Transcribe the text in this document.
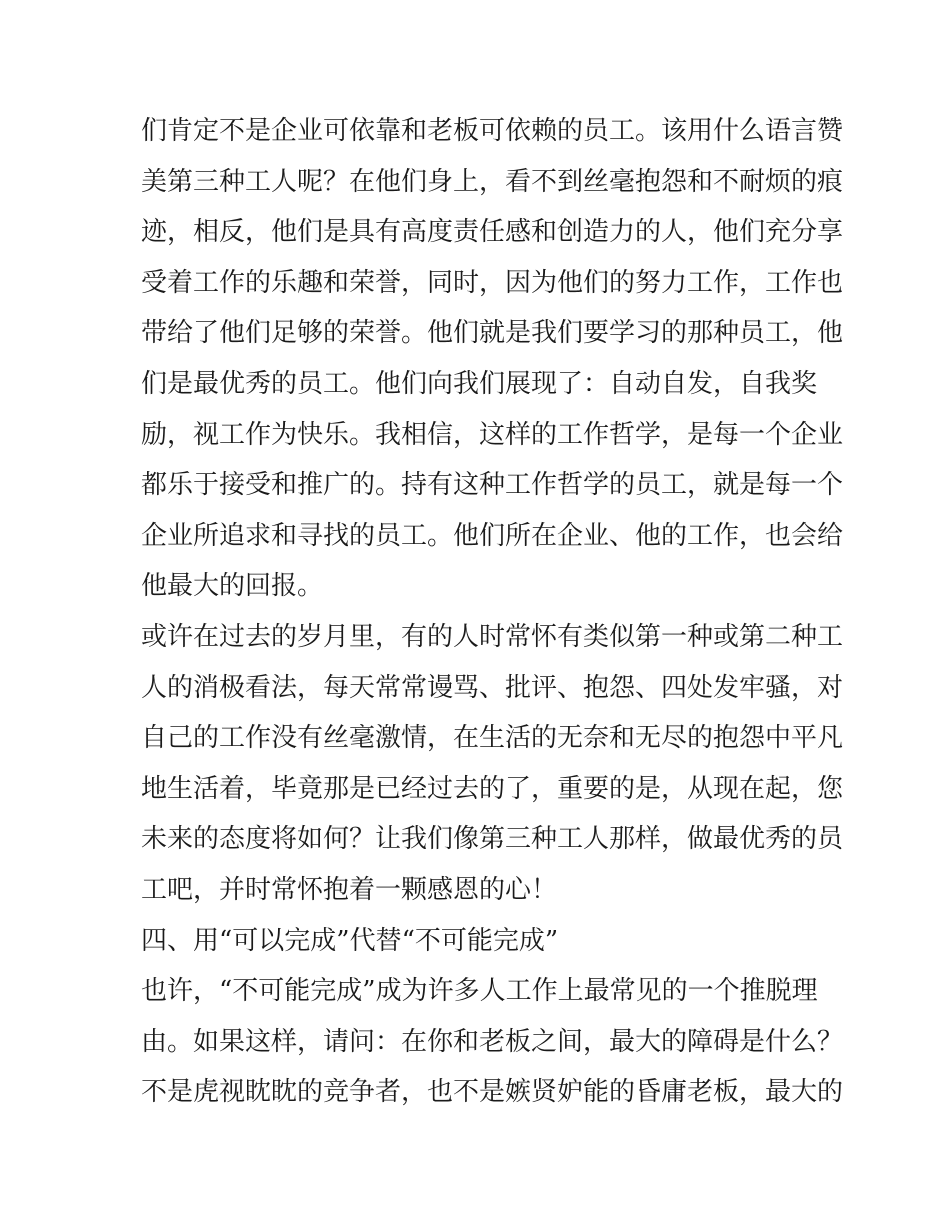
们肯定不是企业可依靠和老板可依赖的员工。该用什么语言赞
美第三种工人呢？在他们身上，看不到丝毫抱怨和不耐烦的痕
迹，相反，他们是具有高度责任感和创造力的人，他们充分享
受着工作的乐趣和荣誉，同时，因为他们的努力工作，工作也
带给了他们足够的荣誉。他们就是我们要学习的那种员工，他
们是最优秀的员工。他们向我们展现了：自动自发，自我奖
励，视工作为快乐。我相信，这样的工作哲学，是每一个企业
都乐于接受和推广的。持有这种工作哲学的员工，就是每一个
企业所追求和寻找的员工。他们所在企业、他的工作，也会给
他最大的回报。
或许在过去的岁月里，有的人时常怀有类似第一种或第二种工
人的消极看法，每天常常谩骂、批评、抱怨、四处发牢骚，对
自己的工作没有丝毫激情，在生活的无奈和无尽的抱怨中平凡
地生活着，毕竟那是已经过去的了，重要的是，从现在起，您
未来的态度将如何？让我们像第三种工人那样，做最优秀的员
工吧，并时常怀抱着一颗感恩的心！
四、用“可以完成”代替“不可能完成”
也许，“不可能完成”成为许多人工作上最常见的一个推脱理
由。如果这样，请问：在你和老板之间，最大的障碍是什么？
不是虎视眈眈的竞争者，也不是嫉贤妒能的昏庸老板，最大的
